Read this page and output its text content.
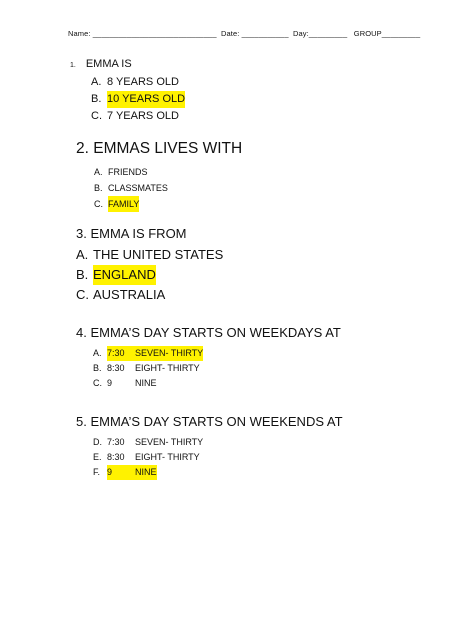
Name: _____________________________  Date: ___________  Day:_________   GROUP_________
1. EMMA IS
A. 8 YEARS OLD
B. 10 YEARS OLD
C. 7 YEARS OLD
2. EMMAS LIVES WITH
A. FRIENDS
B. CLASSMATES
C. FAMILY
3. EMMA IS FROM
A. THE UNITED STATES
B. ENGLAND
C. AUSTRALIA
4. EMMA’S DAY STARTS ON WEEKDAYS AT
A. 7:30 SEVEN- THIRTY
B. 8:30	EIGHT- THIRTY
C. 9	NINE
5. EMMA’S DAY STARTS ON WEEKENDS AT
D. 7:30	SEVEN- THIRTY
E. 8:30	EIGHT- THIRTY
F. 9	NINE
